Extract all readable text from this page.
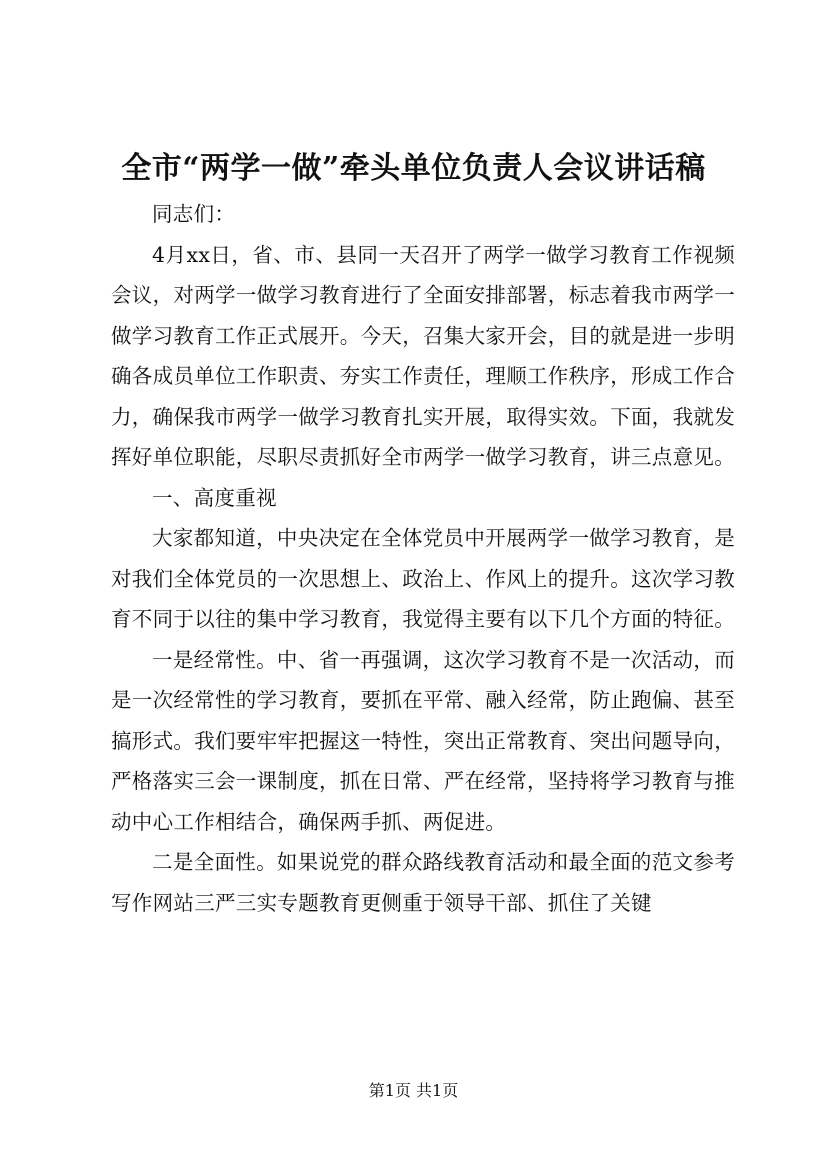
全市“两学一做”牵头单位负责人会议讲话稿

同志们：

4月xx日，省、市、县同一天召开了两学一做学习教育工作视频会议，对两学一做学习教育进行了全面安排部署，标志着我市两学一做学习教育工作正式展开。今天，召集大家开会，目的就是进一步明确各成员单位工作职责、夯实工作责任，理顺工作秩序，形成工作合力，确保我市两学一做学习教育扎实开展，取得实效。下面，我就发挥好单位职能，尽职尽责抓好全市两学一做学习教育，讲三点意见。

一、高度重视

大家都知道，中央决定在全体党员中开展两学一做学习教育，是对我们全体党员的一次思想上、政治上、作风上的提升。这次学习教育不同于以往的集中学习教育，我觉得主要有以下几个方面的特征。

一是经常性。中、省一再强调，这次学习教育不是一次活动，而是一次经常性的学习教育，要抓在平常、融入经常，防止跑偏、甚至搞形式。我们要牢牢把握这一特性，突出正常教育、突出问题导向，严格落实三会一课制度，抓在日常、严在经常，坚持将学习教育与推动中心工作相结合，确保两手抓、两促进。

二是全面性。如果说党的群众路线教育活动和最全面的范文参考写作网站三严三实专题教育更侧重于领导干部、抓住了关键

第1页 共1页
